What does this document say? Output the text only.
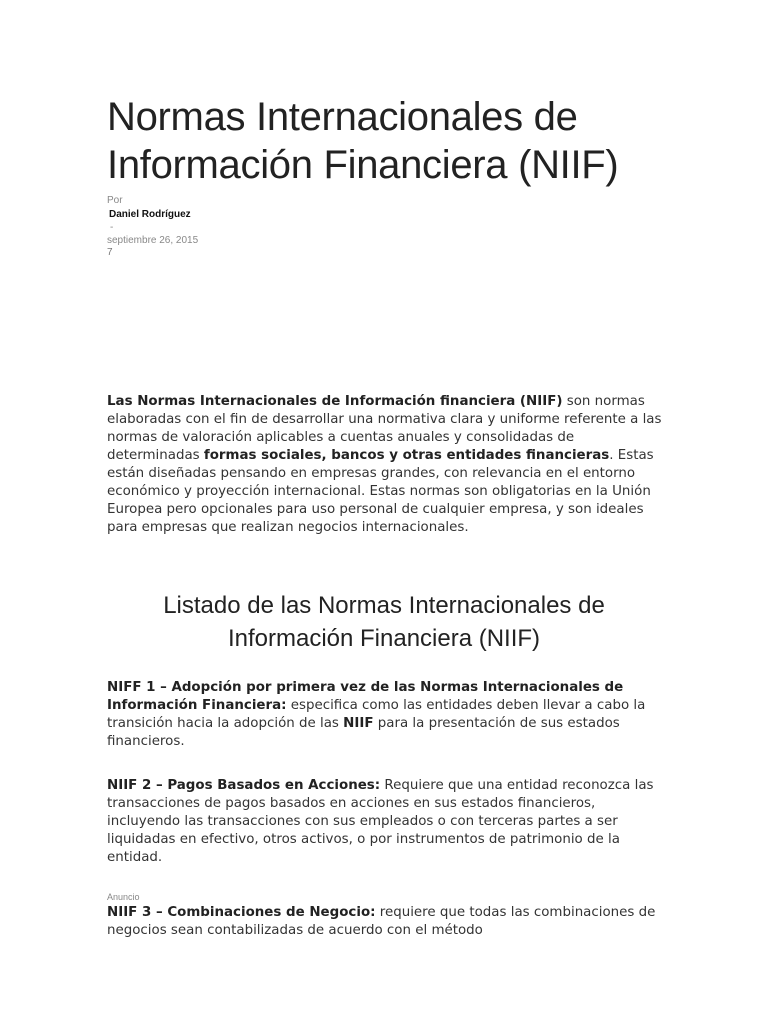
Normas Internacionales de Información Financiera (NIIF)
Por
Daniel Rodríguez
-
septiembre 26, 2015
7

Las Normas Internacionales de Información financiera (NIIF) son normas elaboradas con el fin de desarrollar una normativa clara y uniforme referente a las normas de valoración aplicables a cuentas anuales y consolidadas de determinadas formas sociales, bancos y otras entidades financieras. Estas están diseñadas pensando en empresas grandes, con relevancia en el entorno económico y proyección internacional. Estas normas son obligatorias en la Unión Europea pero opcionales para uso personal de cualquier empresa, y son ideales para empresas que realizan negocios internacionales.

Listado de las Normas Internacionales de Información Financiera (NIIF)

NIFF 1 – Adopción por primera vez de las Normas Internacionales de Información Financiera: especifica como las entidades deben llevar a cabo la transición hacia la adopción de las NIIF para la presentación de sus estados financieros.

NIIF 2 – Pagos Basados en Acciones: Requiere que una entidad reconozca las transacciones de pagos basados en acciones en sus estados financieros, incluyendo las transacciones con sus empleados o con terceras partes a ser liquidadas en efectivo, otros activos, o por instrumentos de patrimonio de la entidad.

Anuncio

NIIF 3 – Combinaciones de Negocio: requiere que todas las combinaciones de negocios sean contabilizadas de acuerdo con el método
